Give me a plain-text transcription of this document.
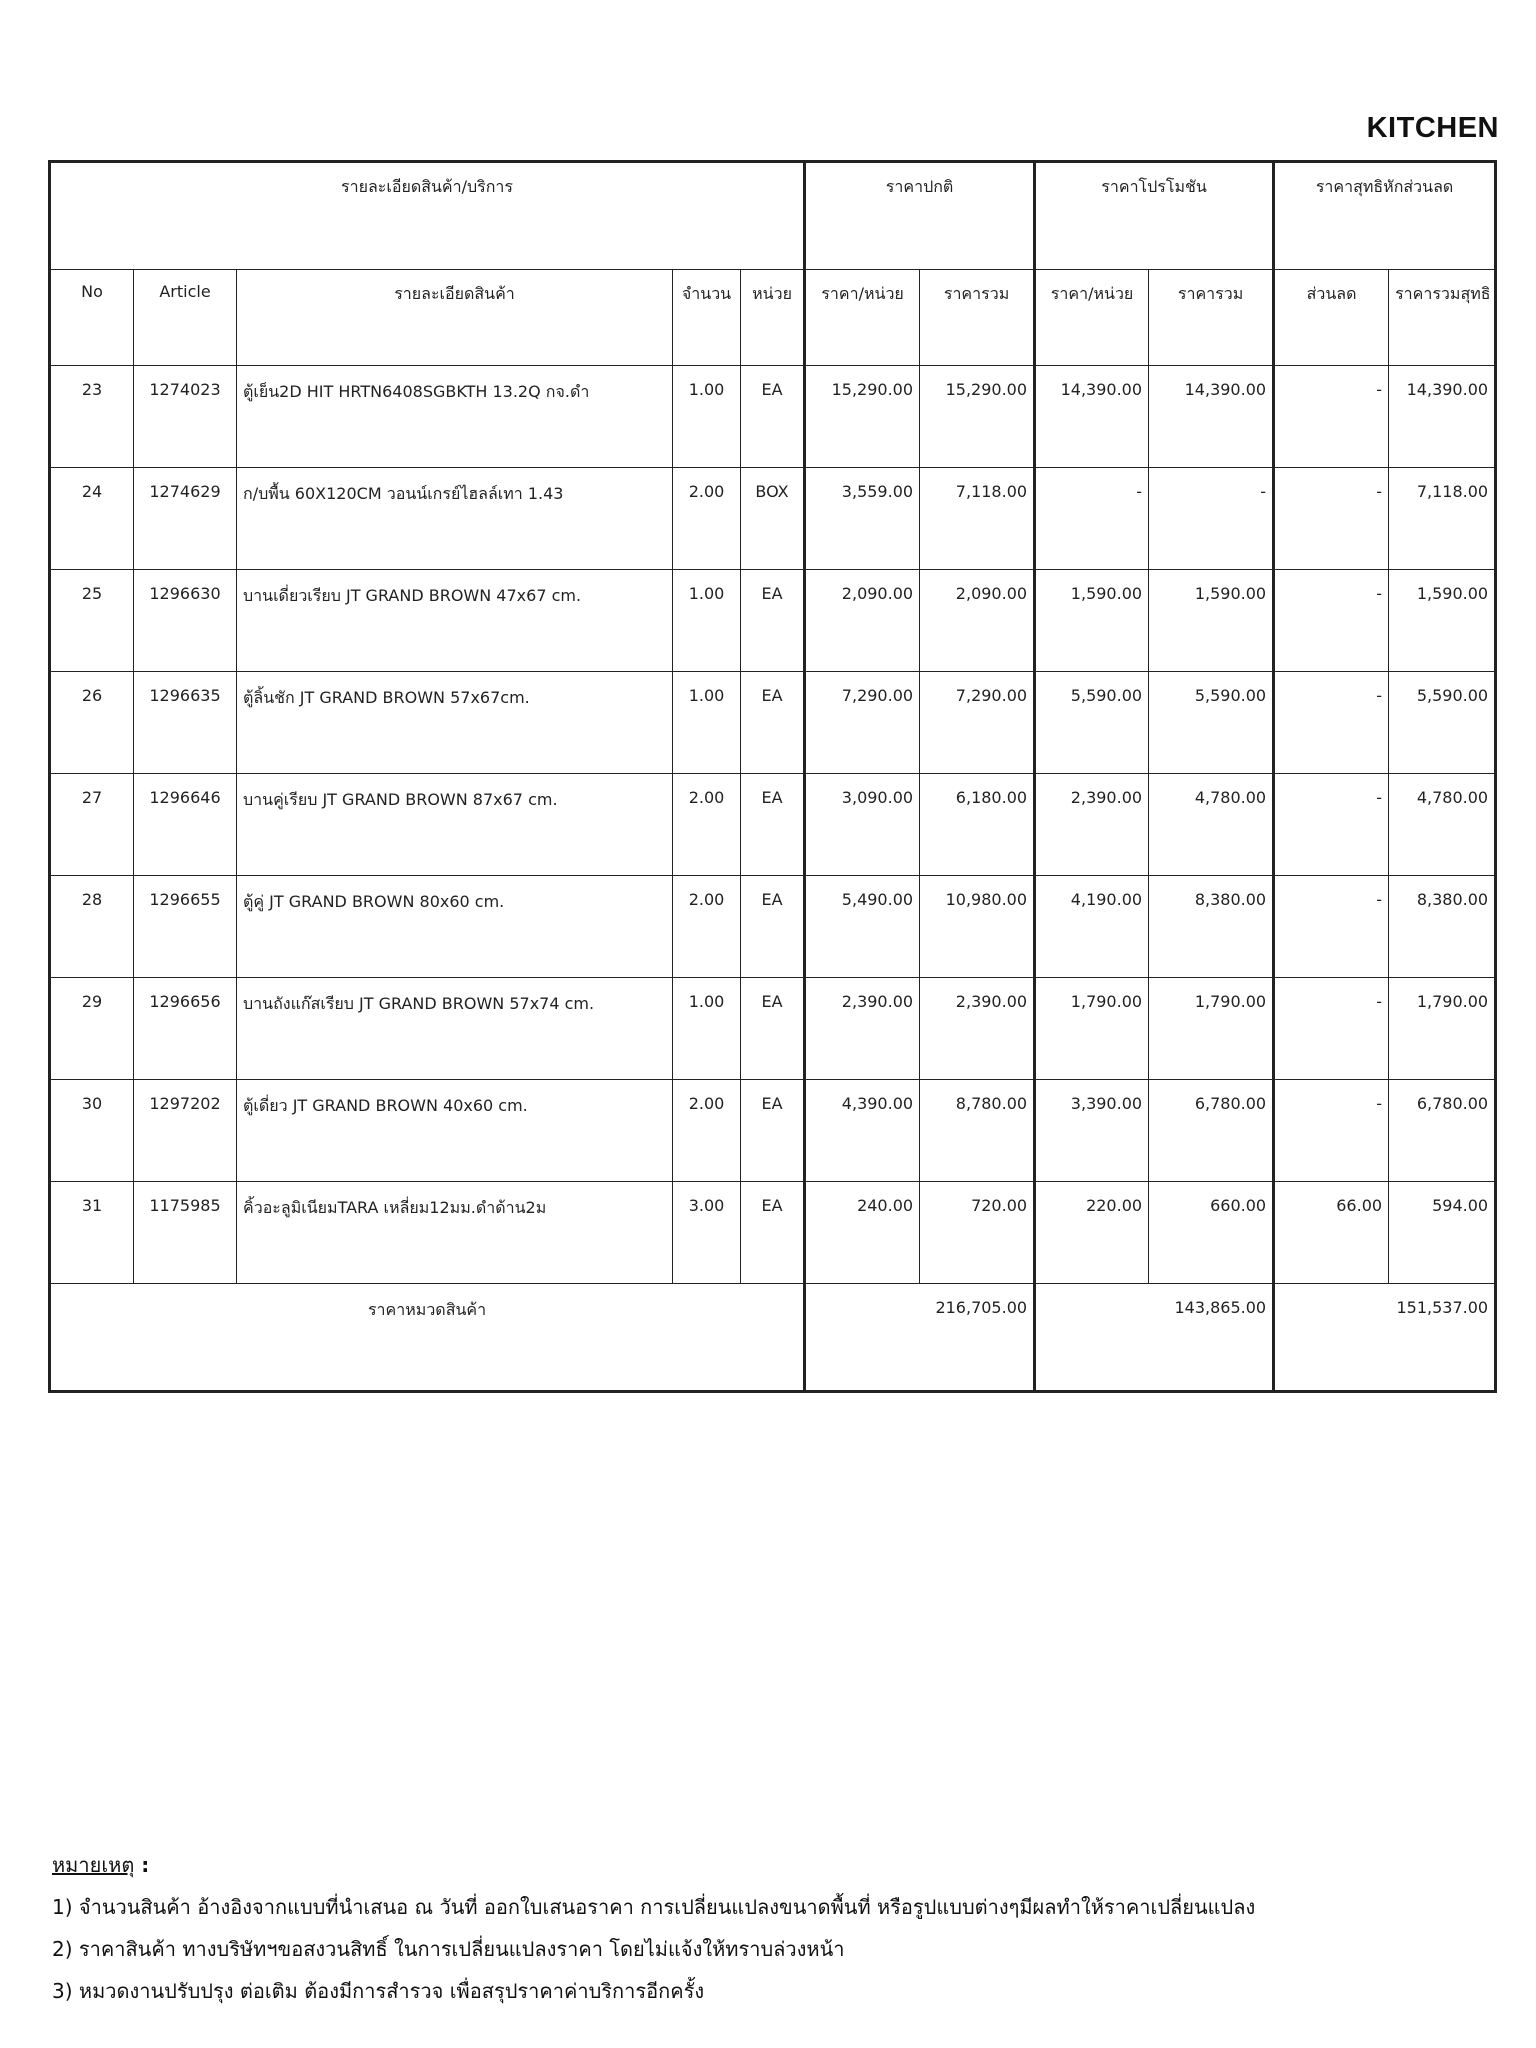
KITCHEN
รายละเอียดสินค้า/บริการ					ราคาปกติ		ราคาโปรโมชัน		ราคาสุทธิหักส่วนลด	
No	Article	รายละเอียดสินค้า	จำนวน	หน่วย	ราคา/หน่วย	ราคารวม	ราคา/หน่วย	ราคารวม	ส่วนลด	ราคารวมสุทธิ
23	1274023	ตู้เย็น2D HIT HRTN6408SGBKTH 13.2Q กจ.ดำ	1.00	EA	15,290.00	15,290.00	14,390.00	14,390.00	-	14,390.00
24	1274629	ก/บพื้น 60X120CM วอนน์เกรย์ไฮลล์เทา 1.43	2.00	BOX	3,559.00	7,118.00	-	-	-	7,118.00
25	1296630	บานเดี่ยวเรียบ JT GRAND BROWN 47x67 cm.	1.00	EA	2,090.00	2,090.00	1,590.00	1,590.00	-	1,590.00
26	1296635	ตู้ลิ้นชัก JT GRAND BROWN 57x67cm.	1.00	EA	7,290.00	7,290.00	5,590.00	5,590.00	-	5,590.00
27	1296646	บานคู่เรียบ JT GRAND BROWN 87x67 cm.	2.00	EA	3,090.00	6,180.00	2,390.00	4,780.00	-	4,780.00
28	1296655	ตู้คู่ JT GRAND BROWN 80x60 cm.	2.00	EA	5,490.00	10,980.00	4,190.00	8,380.00	-	8,380.00
29	1296656	บานถังแก๊สเรียบ JT GRAND BROWN 57x74 cm.	1.00	EA	2,390.00	2,390.00	1,790.00	1,790.00	-	1,790.00
30	1297202	ตู้เดี่ยว JT GRAND BROWN 40x60 cm.	2.00	EA	4,390.00	8,780.00	3,390.00	6,780.00	-	6,780.00
31	1175985	คิ้วอะลูมิเนียมTARA เหลี่ยม12มม.ดำด้าน2ม	3.00	EA	240.00	720.00	220.00	660.00	66.00	594.00
ราคาหมวดสินค้า					216,705.00		143,865.00		151,537.00	
หมายเหตุ :
1) จำนวนสินค้า อ้างอิงจากแบบที่นำเสนอ ณ วันที่ ออกใบเสนอราคา การเปลี่ยนแปลงขนาดพื้นที่ หรือรูปแบบต่างๆมีผลทำให้ราคาเปลี่ยนแปลง
2) ราคาสินค้า ทางบริษัทฯขอสงวนสิทธิ์ ในการเปลี่ยนแปลงราคา โดยไม่แจ้งให้ทราบล่วงหน้า
3) หมวดงานปรับปรุง ต่อเติม ต้องมีการสำรวจ เพื่อสรุปราคาค่าบริการอีกครั้ง
